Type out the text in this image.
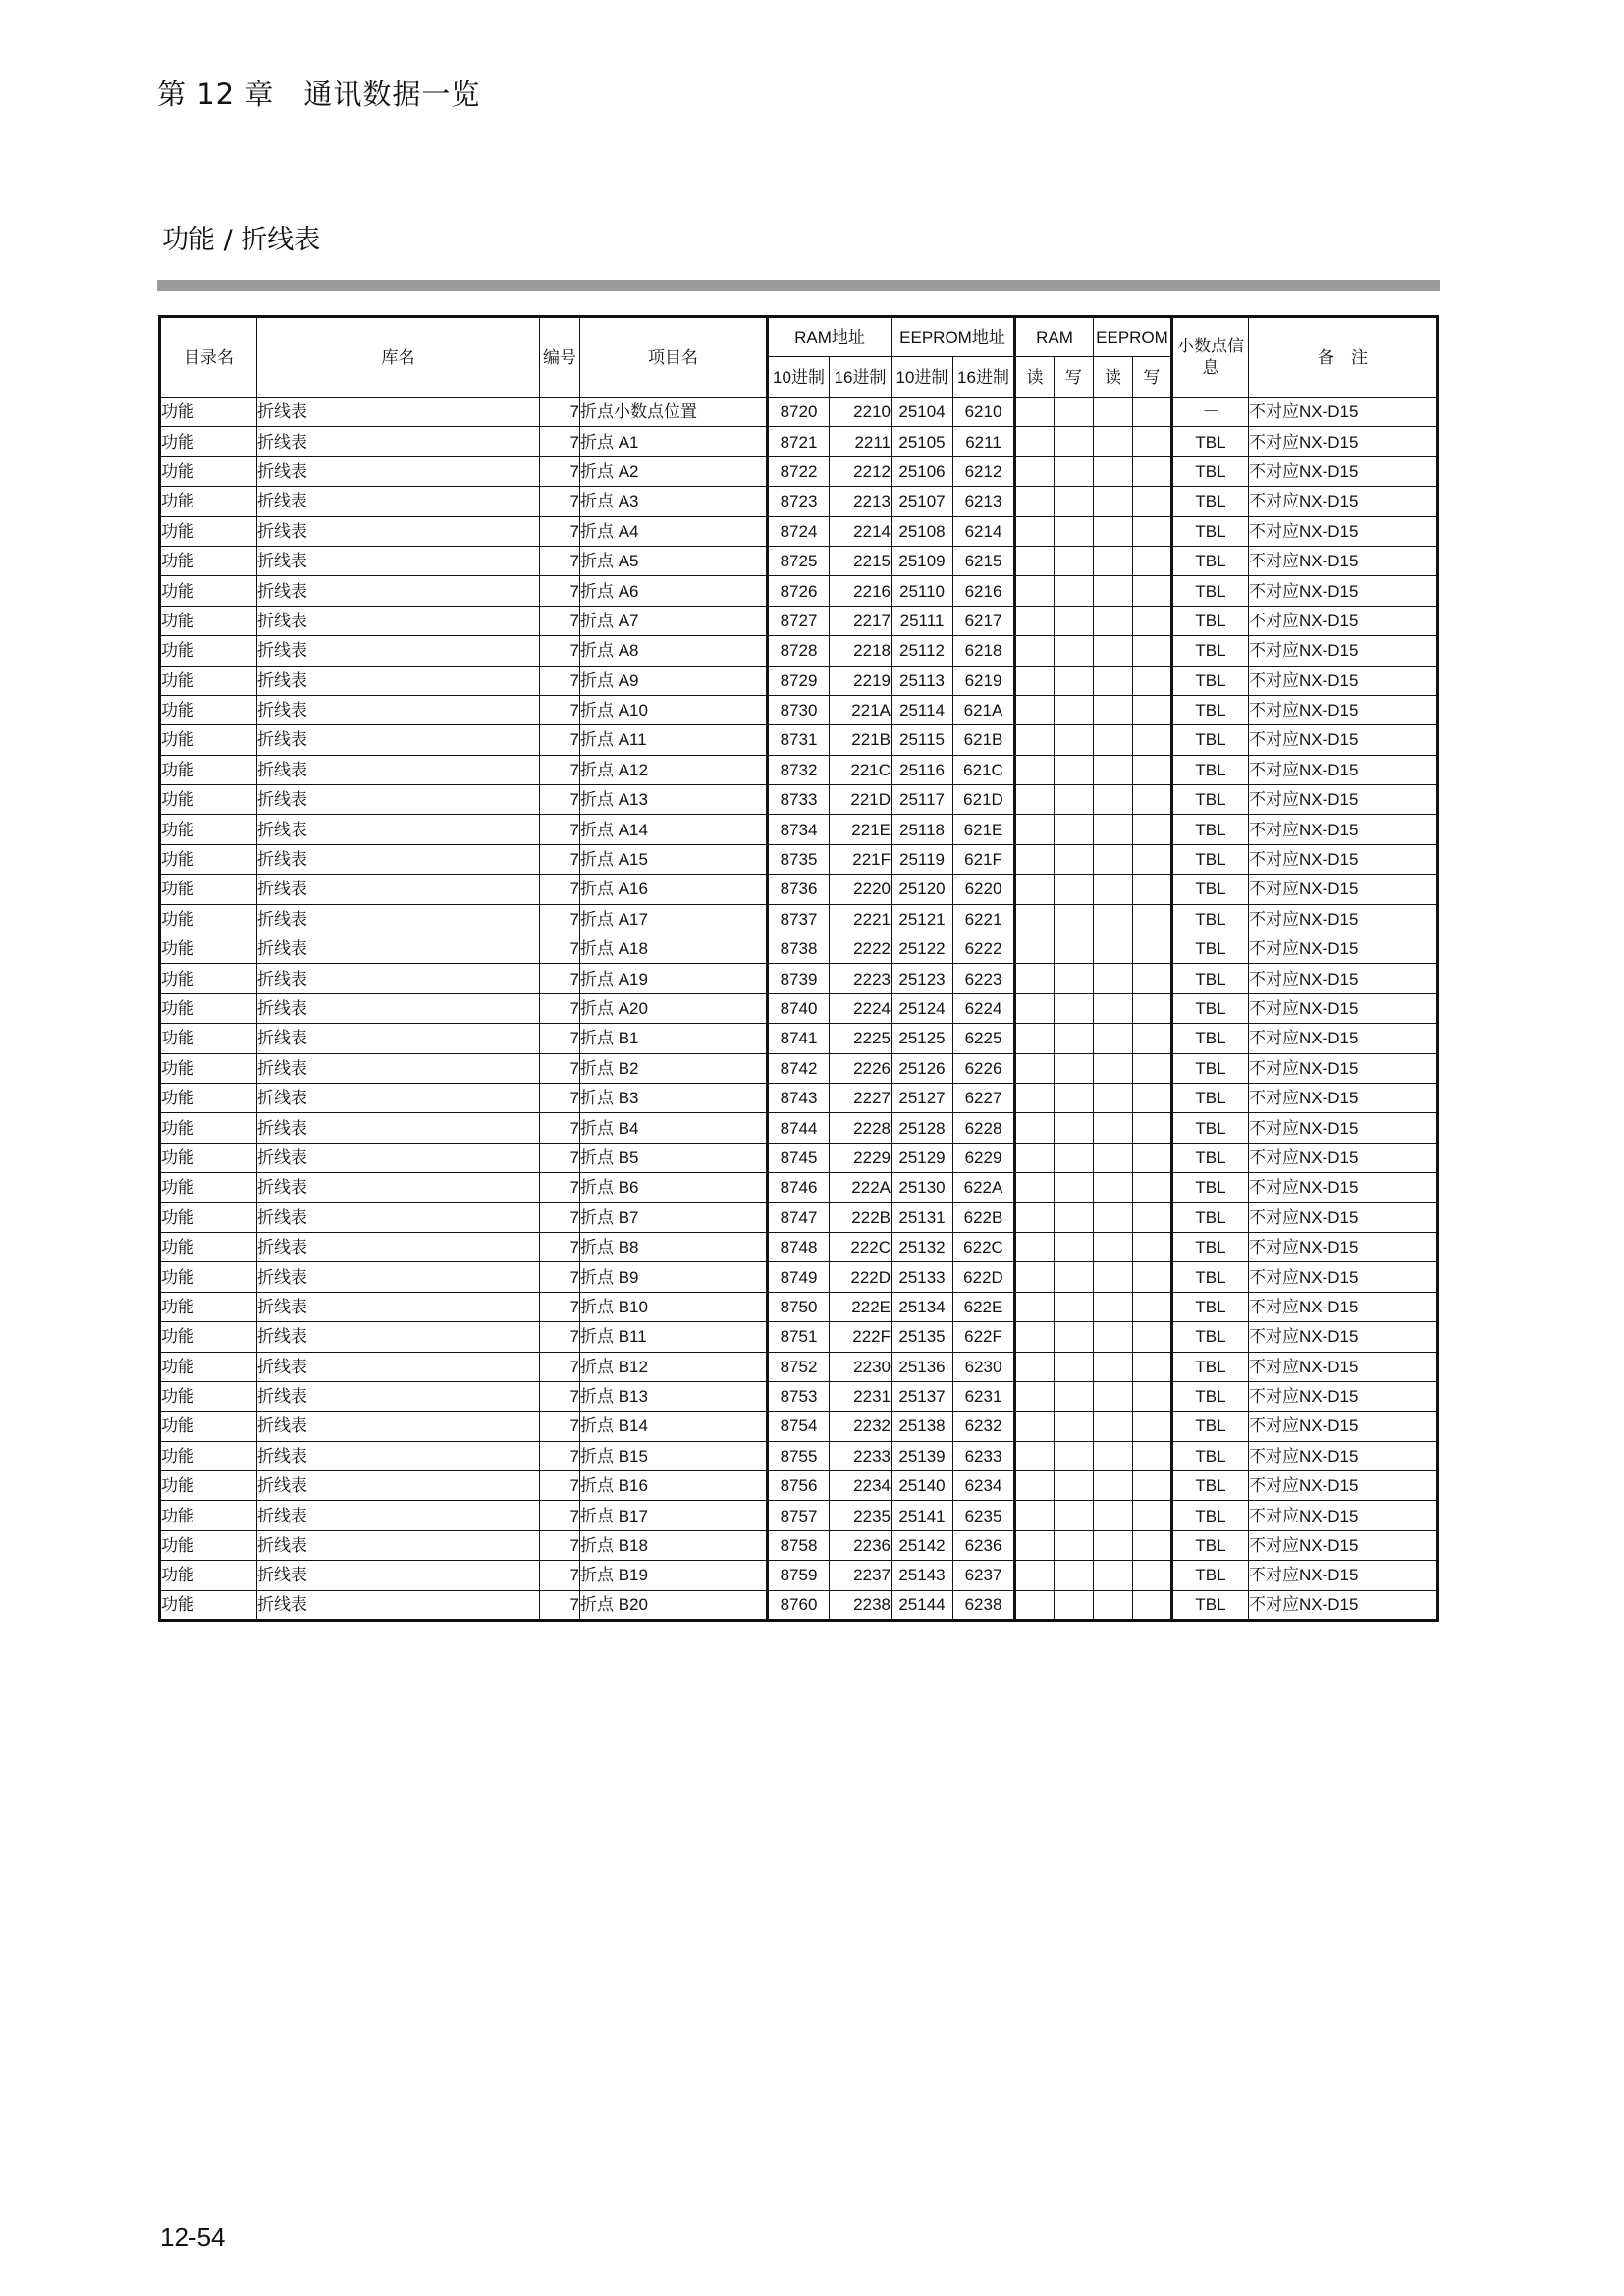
第 12 章　通讯数据一览
功能 / 折线表
目录名	库名	编号	项目名	RAM地址		EEPROM地址		RAM		EEPROM		小数点信息	备　注
				10进制	16进制	10进制	16进制	读	写	读	写		
功能	折线表	7	折点小数点位置	8720	2210	25104	6210					－	不对应NX-D15
功能	折线表	7	折点 A1	8721	2211	25105	6211					TBL	不对应NX-D15
功能	折线表	7	折点 A2	8722	2212	25106	6212					TBL	不对应NX-D15
功能	折线表	7	折点 A3	8723	2213	25107	6213					TBL	不对应NX-D15
功能	折线表	7	折点 A4	8724	2214	25108	6214					TBL	不对应NX-D15
功能	折线表	7	折点 A5	8725	2215	25109	6215					TBL	不对应NX-D15
功能	折线表	7	折点 A6	8726	2216	25110	6216					TBL	不对应NX-D15
功能	折线表	7	折点 A7	8727	2217	25111	6217					TBL	不对应NX-D15
功能	折线表	7	折点 A8	8728	2218	25112	6218					TBL	不对应NX-D15
功能	折线表	7	折点 A9	8729	2219	25113	6219					TBL	不对应NX-D15
功能	折线表	7	折点 A10	8730	221A	25114	621A					TBL	不对应NX-D15
功能	折线表	7	折点 A11	8731	221B	25115	621B					TBL	不对应NX-D15
功能	折线表	7	折点 A12	8732	221C	25116	621C					TBL	不对应NX-D15
功能	折线表	7	折点 A13	8733	221D	25117	621D					TBL	不对应NX-D15
功能	折线表	7	折点 A14	8734	221E	25118	621E					TBL	不对应NX-D15
功能	折线表	7	折点 A15	8735	221F	25119	621F					TBL	不对应NX-D15
功能	折线表	7	折点 A16	8736	2220	25120	6220					TBL	不对应NX-D15
功能	折线表	7	折点 A17	8737	2221	25121	6221					TBL	不对应NX-D15
功能	折线表	7	折点 A18	8738	2222	25122	6222					TBL	不对应NX-D15
功能	折线表	7	折点 A19	8739	2223	25123	6223					TBL	不对应NX-D15
功能	折线表	7	折点 A20	8740	2224	25124	6224					TBL	不对应NX-D15
功能	折线表	7	折点 B1	8741	2225	25125	6225					TBL	不对应NX-D15
功能	折线表	7	折点 B2	8742	2226	25126	6226					TBL	不对应NX-D15
功能	折线表	7	折点 B3	8743	2227	25127	6227					TBL	不对应NX-D15
功能	折线表	7	折点 B4	8744	2228	25128	6228					TBL	不对应NX-D15
功能	折线表	7	折点 B5	8745	2229	25129	6229					TBL	不对应NX-D15
功能	折线表	7	折点 B6	8746	222A	25130	622A					TBL	不对应NX-D15
功能	折线表	7	折点 B7	8747	222B	25131	622B					TBL	不对应NX-D15
功能	折线表	7	折点 B8	8748	222C	25132	622C					TBL	不对应NX-D15
功能	折线表	7	折点 B9	8749	222D	25133	622D					TBL	不对应NX-D15
功能	折线表	7	折点 B10	8750	222E	25134	622E					TBL	不对应NX-D15
功能	折线表	7	折点 B11	8751	222F	25135	622F					TBL	不对应NX-D15
功能	折线表	7	折点 B12	8752	2230	25136	6230					TBL	不对应NX-D15
功能	折线表	7	折点 B13	8753	2231	25137	6231					TBL	不对应NX-D15
功能	折线表	7	折点 B14	8754	2232	25138	6232					TBL	不对应NX-D15
功能	折线表	7	折点 B15	8755	2233	25139	6233					TBL	不对应NX-D15
功能	折线表	7	折点 B16	8756	2234	25140	6234					TBL	不对应NX-D15
功能	折线表	7	折点 B17	8757	2235	25141	6235					TBL	不对应NX-D15
功能	折线表	7	折点 B18	8758	2236	25142	6236					TBL	不对应NX-D15
功能	折线表	7	折点 B19	8759	2237	25143	6237					TBL	不对应NX-D15
功能	折线表	7	折点 B20	8760	2238	25144	6238					TBL	不对应NX-D15
12-54
